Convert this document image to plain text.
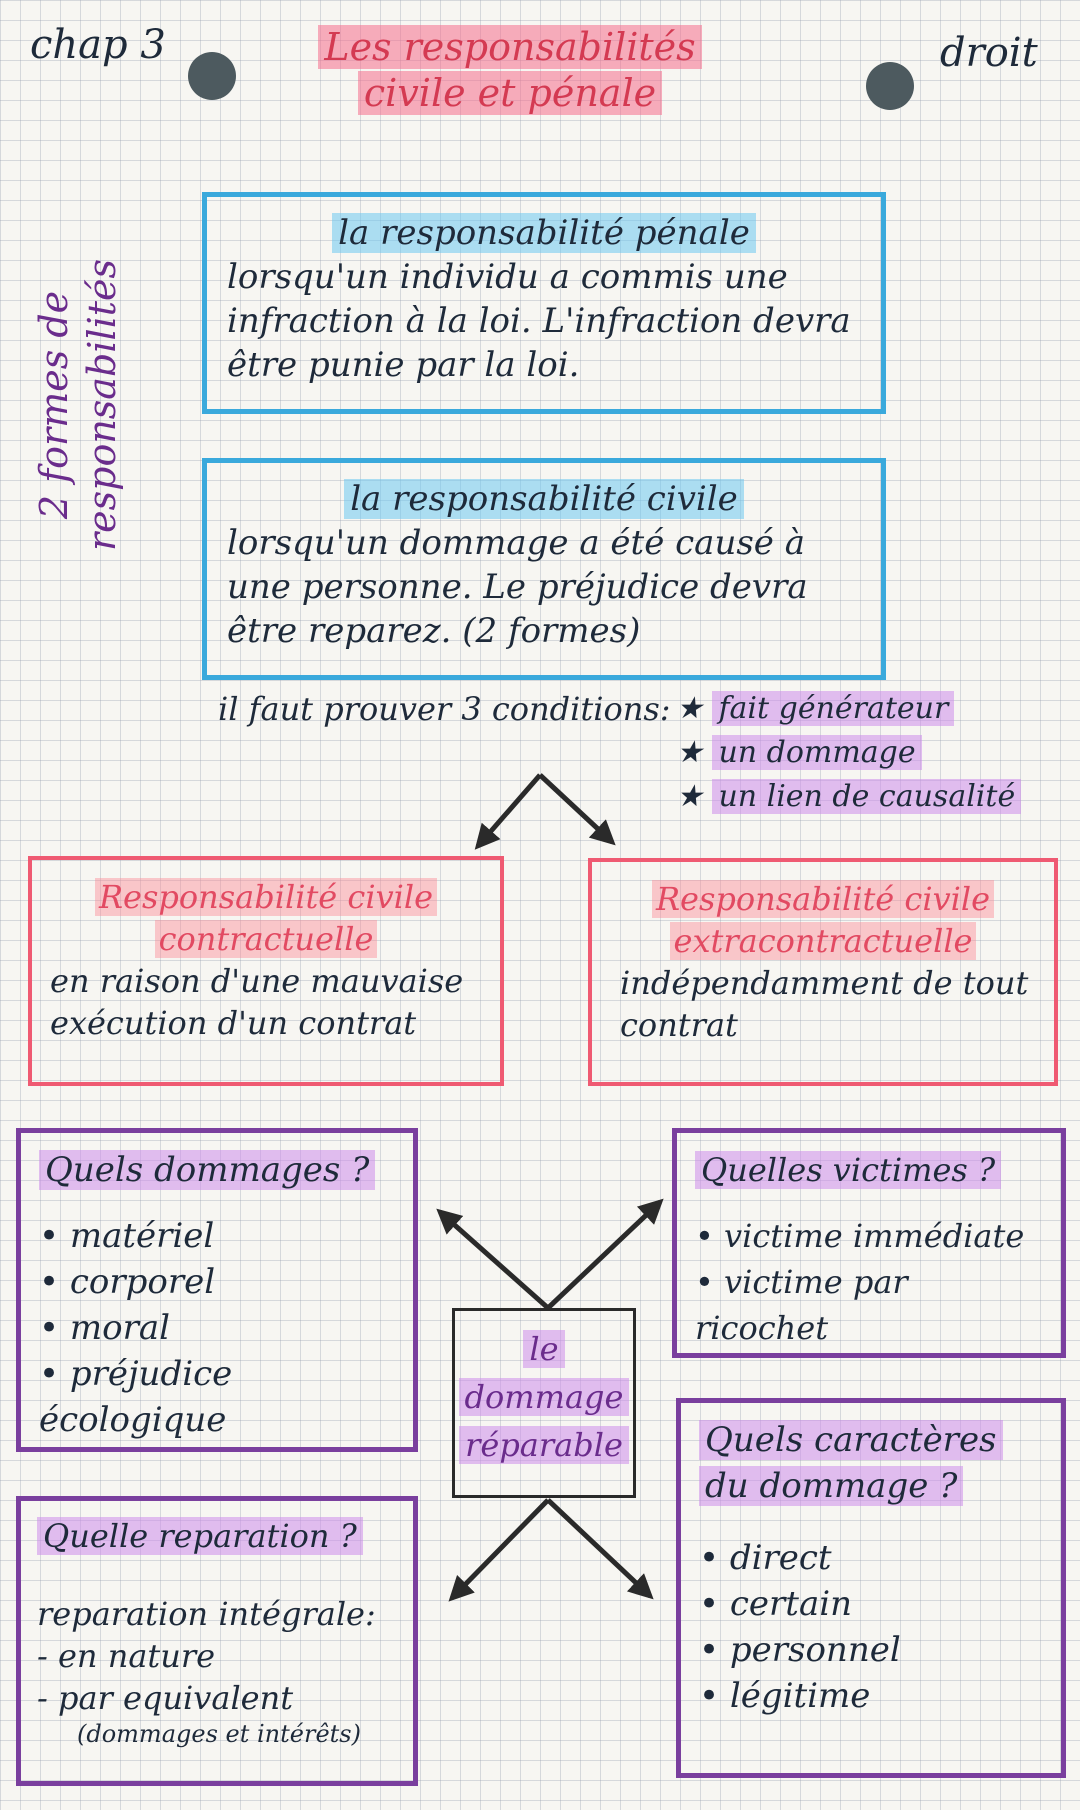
chap 3	droit
Les responsabilités
civile et pénale
2 formes de responsabilités

la responsabilité pénale

lorsqu'un individu a commis une infraction à la loi. L'infraction devra être punie par la loi.

la responsabilité civile

lorsqu'un dommage a été causé à une personne. Le préjudice devra être reparez. (2 formes)

il faut prouver 3 conditions:
★	fait générateur
★ un dommage
★ un lien de causalité

Responsabilité civile

contractuelle

en raison d'une mauvaise exécution d'un contrat

Responsabilité civile

extracontractuelle

indépendamment de tout contrat

Quels dommages ?

• matériel
• corporel
• moral
• préjudice écologique

Quelles victimes ?

• victime immédiate
• victime par ricochet

le

dommage

réparable Quels caractères

du dommage ?

• direct
• certain
• personnel
• légitime

Quelle reparation ?

reparation intégrale:

- en nature
- par equivalent

(dommages et intérêts)
